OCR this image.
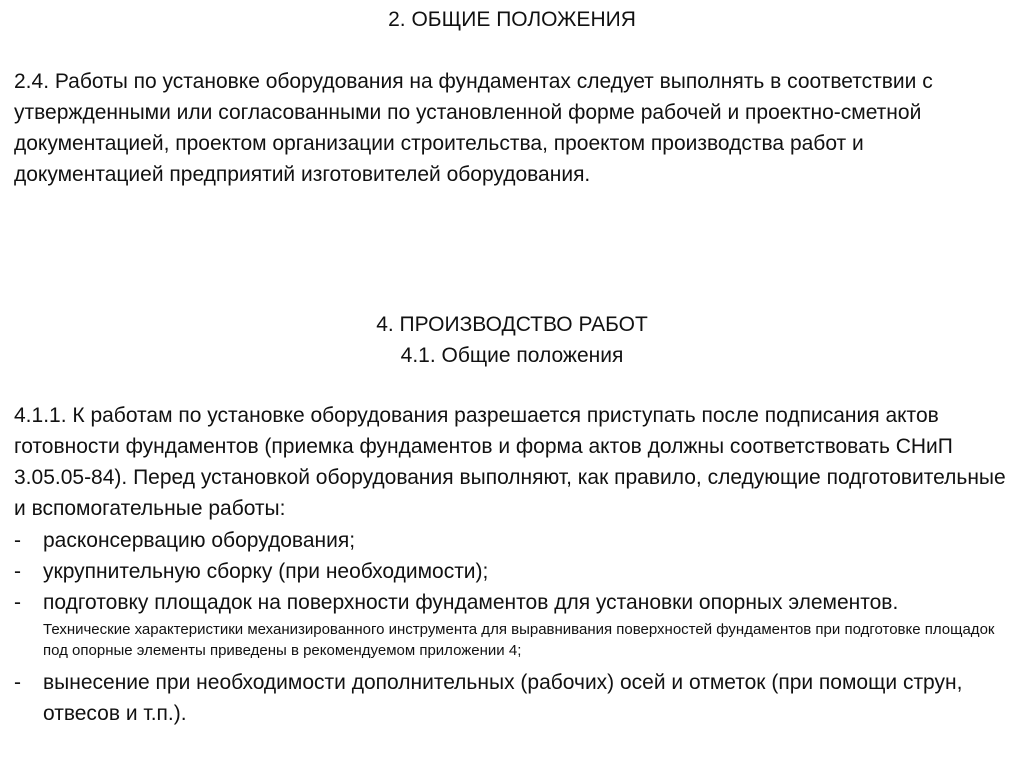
2. ОБЩИЕ ПОЛОЖЕНИЯ

2.4. Работы по установке оборудования на фундаментах следует выполнять в соответствии с утвержденными или согласованными по установленной форме рабочей и проектно-сметной документацией, проектом организации строительства, проектом производства работ и документацией предприятий изготовителей оборудования.

4. ПРОИЗВОДСТВО РАБОТ
4.1. Общие положения

4.1.1. К работам по установке оборудования разрешается приступать после подписания актов готовности фундаментов (приемка фундаментов и форма актов должны соответствовать СНиП 3.05.05-84). Перед установкой оборудования выполняют, как правило, следующие подготовительные и вспомогательные работы:

-	расконсервацию оборудования;
-	укрупнительную сборку (при необходимости);
-	подготовку площадок на поверхности фундаментов для установки опорных элементов.
Технические характеристики механизированного инструмента для выравнивания поверхностей фундаментов при подготовке площадок под опорные элементы приведены в рекомендуемом приложении 4;
-	вынесение при необходимости дополнительных (рабочих) осей и отметок (при помощи струн, отвесов и т.п.).
